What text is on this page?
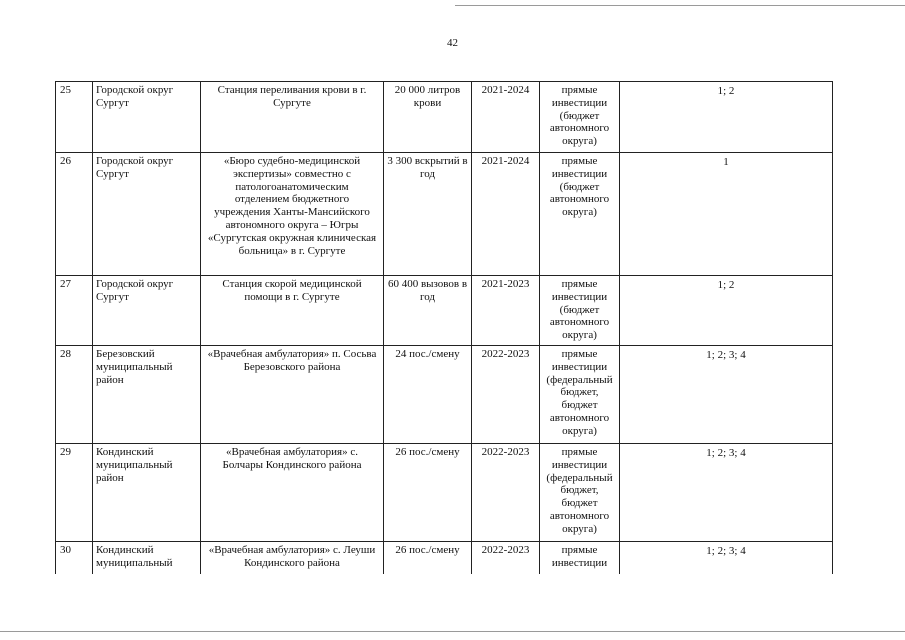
42
25	Городской округ Сургут	Станция переливания крови в г. Сургуте	20 000 литров крови	2021-2024	прямые инвестиции (бюджет автономного округа)	1; 2
26	Городской округ Сургут	«Бюро судебно-медицинской экспертизы» совместно с патологоанатомическим отделением бюджетного учреждения Ханты-Мансийского автономного округа – Югры «Сургутская окружная клиническая больница» в г. Сургуте	3 300 вскрытий в год	2021-2024	прямые инвестиции (бюджет автономного округа)	1
27	Городской округ Сургут	Станция скорой медицинской помощи в г. Сургуте	60 400 вызовов в год	2021-2023	прямые инвестиции (бюджет автономного округа)	1; 2
28	Березовский муниципальный район	«Врачебная амбулатория» п. Сосьва Березовского района	24 пос./смену	2022-2023	прямые инвестиции (федеральный бюджет, бюджет автономного округа)	1; 2; 3; 4
29	Кондинский муниципальный район	«Врачебная амбулатория» с. Болчары Кондинского района	26 пос./смену	2022-2023	прямые инвестиции (федеральный бюджет, бюджет автономного округа)	1; 2; 3; 4
30	Кондинский муниципальный	«Врачебная амбулатория» с. Леуши Кондинского района	26 пос./смену	2022-2023	прямые инвестиции	1; 2; 3; 4
